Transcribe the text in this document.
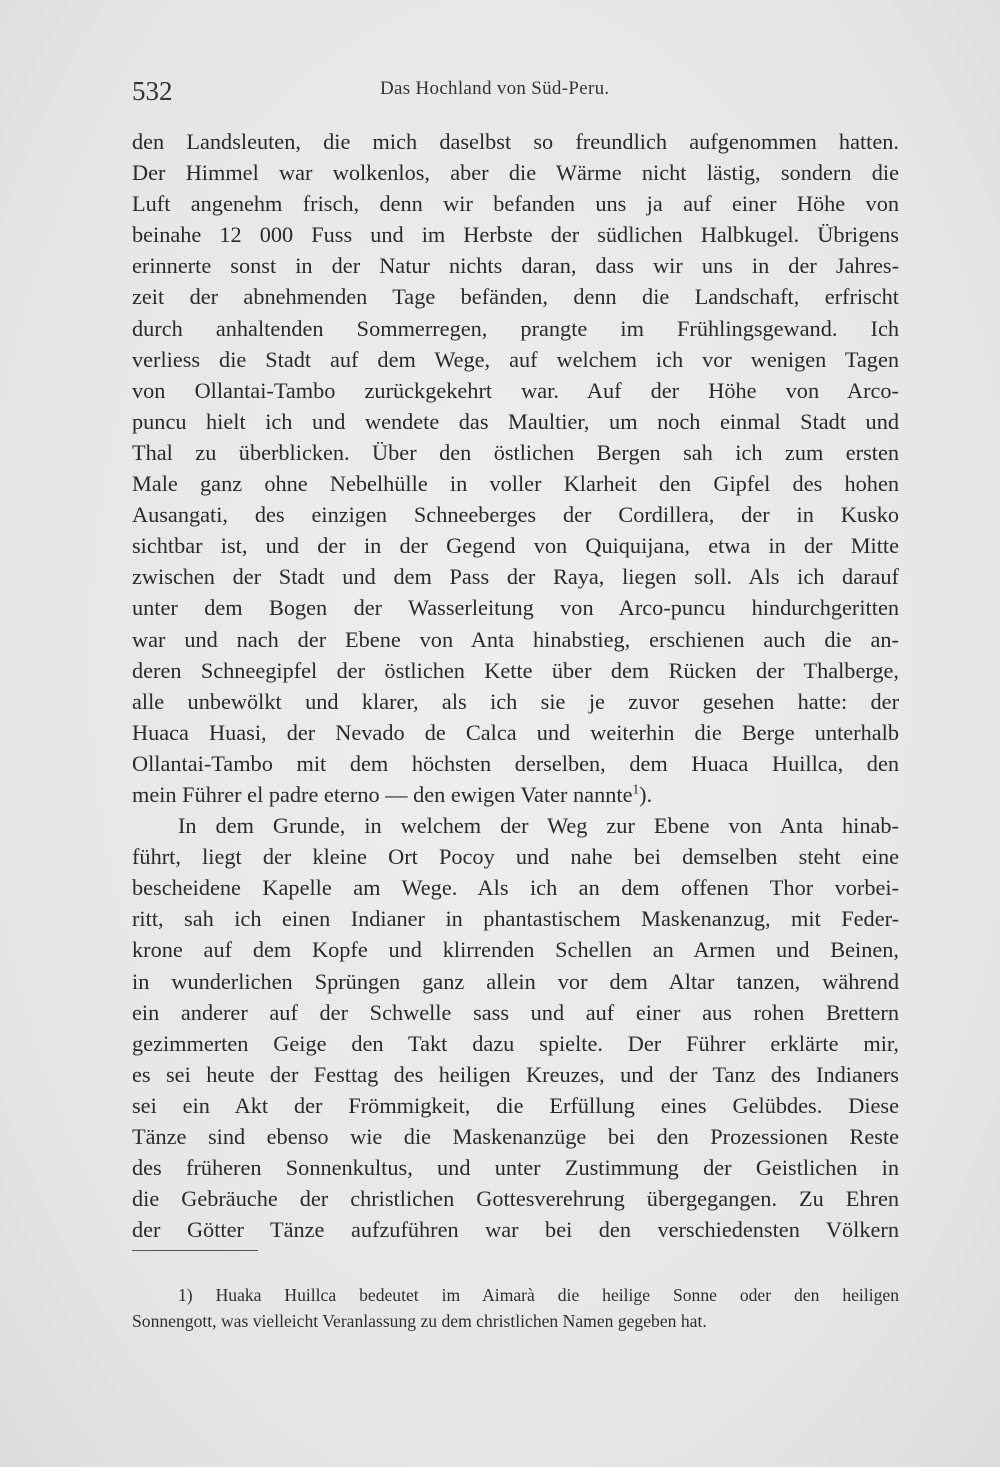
532	Das Hochland von Süd-Peru.
den Landsleuten, die mich daselbst so freundlich aufgenommen hatten.
Der Himmel war wolkenlos, aber die Wärme nicht lästig, sondern die
Luft angenehm frisch, denn wir befanden uns ja auf einer Höhe von
beinahe 12 000 Fuss und im Herbste der südlichen Halbkugel. Übrigens
erinnerte sonst in der Natur nichts daran, dass wir uns in der Jahres-
zeit der abnehmenden Tage befänden, denn die Landschaft, erfrischt
durch anhaltenden Sommerregen, prangte im Frühlingsgewand. Ich
verliess die Stadt auf dem Wege, auf welchem ich vor wenigen Tagen
von Ollantai-Tambo zurückgekehrt war. Auf der Höhe von Arco-
puncu hielt ich und wendete das Maultier, um noch einmal Stadt und
Thal zu überblicken. Über den östlichen Bergen sah ich zum ersten
Male ganz ohne Nebelhülle in voller Klarheit den Gipfel des hohen
Ausangati, des einzigen Schneeberges der Cordillera, der in Kusko
sichtbar ist, und der in der Gegend von Quiquijana, etwa in der Mitte
zwischen der Stadt und dem Pass der Raya, liegen soll. Als ich darauf
unter dem Bogen der Wasserleitung von Arco-puncu hindurchgeritten
war und nach der Ebene von Anta hinabstieg, erschienen auch die an-
deren Schneegipfel der östlichen Kette über dem Rücken der Thalberge,
alle unbewölkt und klarer, als ich sie je zuvor gesehen hatte: der
Huaca Huasi, der Nevado de Calca und weiterhin die Berge unterhalb
Ollantai-Tambo mit dem höchsten derselben, dem Huaca Huillca, den
mein Führer el padre eterno — den ewigen Vater nannte$^1$).
In dem Grunde, in welchem der Weg zur Ebene von Anta hinab-
führt, liegt der kleine Ort Pocoy und nahe bei demselben steht eine
bescheidene Kapelle am Wege. Als ich an dem offenen Thor vorbei-
ritt, sah ich einen Indianer in phantastischem Maskenanzug, mit Feder-
krone auf dem Kopfe und klirrenden Schellen an Armen und Beinen,
in wunderlichen Sprüngen ganz allein vor dem Altar tanzen, während
ein anderer auf der Schwelle sass und auf einer aus rohen Brettern
gezimmerten Geige den Takt dazu spielte. Der Führer erklärte mir,
es sei heute der Festtag des heiligen Kreuzes, und der Tanz des Indianers
sei ein Akt der Frömmigkeit, die Erfüllung eines Gelübdes. Diese
Tänze sind ebenso wie die Maskenanzüge bei den Prozessionen Reste
des früheren Sonnenkultus, und unter Zustimmung der Geistlichen in
die Gebräuche der christlichen Gottesverehrung übergegangen. Zu Ehren
der Götter Tänze aufzuführen war bei den verschiedensten Völkern
1) Huaka Huillca bedeutet im Aimarà die heilige Sonne oder den heiligen
Sonnengott, was vielleicht Veranlassung zu dem christlichen Namen gegeben hat.
